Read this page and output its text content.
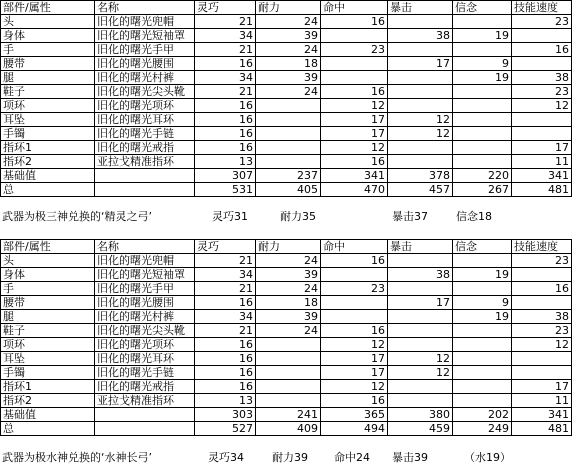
部件/属性	名称	灵巧	耐力	命中	暴击	信念	技能速度
头	旧化的曙光兜帽	21	24	16			23
身体	旧化的曙光短袖罩	34	39		38	19	
手	旧化的曙光手甲	21	24	23			16
腰带	旧化的曙光腰围	16	18		17	9	
腿	旧化的曙光村裤	34	39			19	38
鞋子	旧化的曙光尖头靴	21	24	16			23
项环	旧化的曙光项环	16		12			12
耳坠	旧化的曙光耳环	16		17	12		
手镯	旧化的曙光手链	16		17	12		
指环1	旧化的曙光戒指	16		12			17
指环2	亚拉戈精准指环	13		16			11
基础值		307	237	341	378	220	341
总		531	405	470	457	267	481
武器为极三神兑换的‘精灵之弓’	灵巧31	耐力35	暴击37	信念18
部件/属性	名称	灵巧	耐力	命中	暴击	信念	技能速度
头	旧化的曙光兜帽	21	24	16			23
身体	旧化的曙光短袖罩	34	39		38	19	
手	旧化的曙光手甲	21	24	23			16
腰带	旧化的曙光腰围	16	18		17	9	
腿	旧化的曙光村裤	34	39			19	38
鞋子	旧化的曙光尖头靴	21	24	16			23
项环	旧化的曙光项环	16		12			12
耳坠	旧化的曙光耳环	16		17	12		
手镯	旧化的曙光手链	16		17	12		
指环1	旧化的曙光戒指	16		12			17
指环2	亚拉戈精准指环	13		16			11
基础值		303	241	365	380	202	341
总		527	409	494	459	249	481
武器为极水神兑换的‘水神长弓’	灵巧34	耐力39 命中24 暴击39	（水19）
